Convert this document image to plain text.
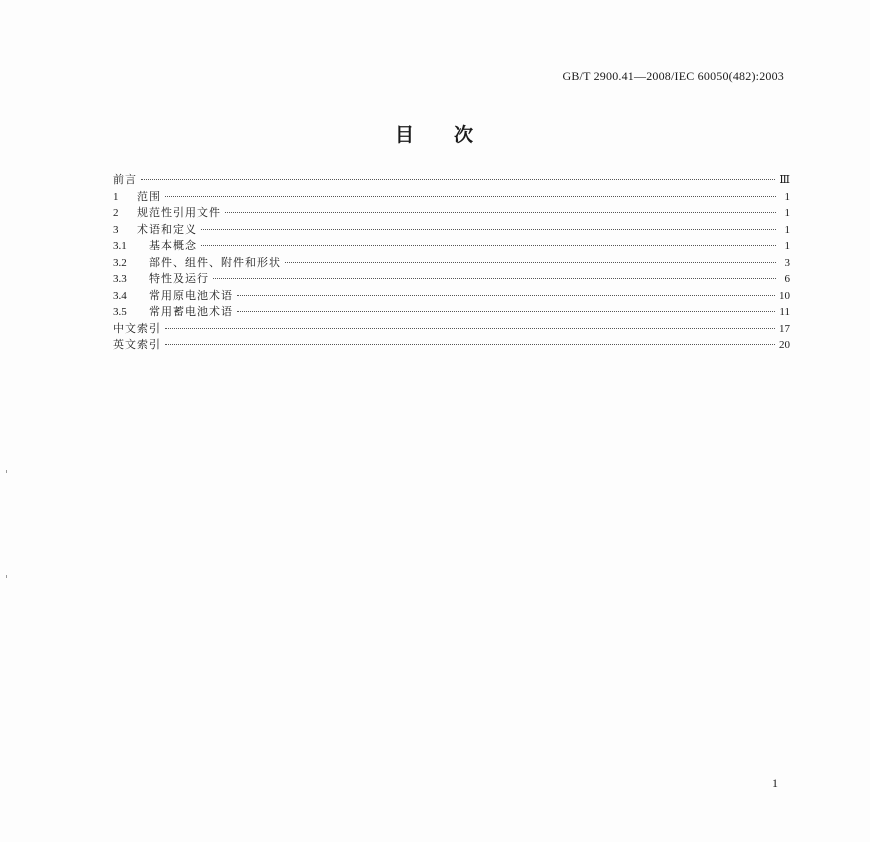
GB/T 2900.41—2008/IEC 60050(482):2003
目 次
前言	Ⅲ
1	范围	1
2	规范性引用文件	1
3	术语和定义	1
3.1	基本概念	1
3.2	部件、组件、附件和形状	3
3.3	特性及运行	6
3.4	常用原电池术语	10
3.5	常用蓄电池术语	11
中文索引	17
英文索引	20
1
